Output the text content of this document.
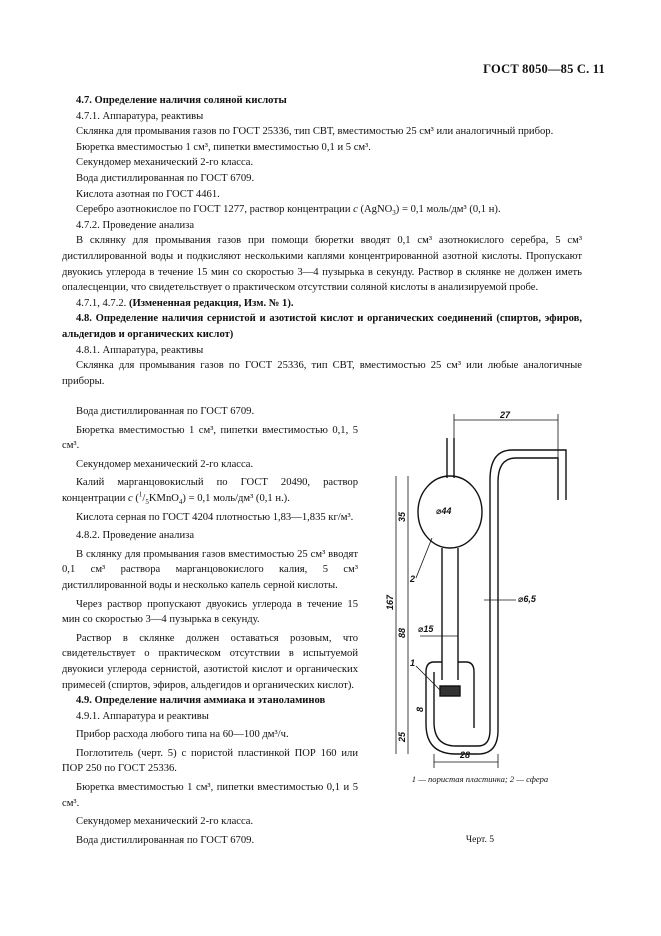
ГОСТ 8050—85 С. 11

4.7. Определение наличия соляной кислоты

4.7.1. Аппаратура, реактивы

Склянка для промывания газов по ГОСТ 25336, тип СВТ, вместимостью 25 см³ или аналогичный прибор.

Бюретка вместимостью 1 см³, пипетки вместимостью 0,1 и 5 см³.

Секундомер механический 2-го класса.

Вода дистиллированная по ГОСТ 6709.

Кислота азотная по ГОСТ 4461.

Серебро азотнокислое по ГОСТ 1277, раствор концентрации c (AgNO$_3$) = 0,1 моль/дм³ (0,1 н).

4.7.2. Проведение анализа

В склянку для промывания газов при помощи бюретки вводят 0,1 см³ азотнокислого серебра, 5 см³ дистиллированной воды и подкисляют несколькими каплями концентрированной азотной кислоты. Пропускают двуокись углерода в течение 15 мин со скоростью 3—4 пузырька в секунду. Раствор в склянке не должен иметь опалесценции, что свидетельствует о практическом отсутствии соляной кислоты в анализируемой пробе.

4.7.1, 4.7.2. (Измененная редакция, Изм. № 1).

4.8. Определение наличия сернистой и азотистой кислот и органических соединений (спиртов, эфиров, альдегидов и органических кислот)

4.8.1. Аппаратура, реактивы

Склянка для промывания газов по ГОСТ 25336, тип СВТ, вместимостью 25 см³ или любые аналогичные приборы.

Вода дистиллированная по ГОСТ 6709.

Бюретка вместимостью 1 см³, пипетки вместимостью 0,1, 5 см³.

Секундомер механический 2-го класса.

Калий марганцовокислый по ГОСТ 20490, раствор концентрации c $(^1/_5KMnO_4) = 0,1$ моль/дм³ (0,1 н.).

Кислота серная по ГОСТ 4204 плотностью 1,83—1,835 кг/м³.

4.8.2. Проведение анализа

В склянку для промывания газов вместимостью 25 см³ вводят 0,1 см³ раствора марганцовокислого калия, 5 см³ дистиллированной воды и несколько капель серной кислоты.

Через раствор пропускают двуокись углерода в течение 15 мин со скоростью 3—4 пузырька в секунду.

Раствор в склянке должен оставаться розовым, что свидетельствует о практическом отсутствии в испытуемой двуокиси углерода сернистой, азотистой кислот и органических примесей (спиртов, эфиров, альдегидов и органических кислот).

4.9. Определение наличия аммиака и этаноламинов

4.9.1. Аппаратура и реактивы

Прибор расхода любого типа на 60—100 дм³/ч.

Поглотитель (черт. 5) с пористой пластинкой ПОР 160 или ПОР 250 по ГОСТ 25336.

Бюретка вместимостью 1 см³, пипетки вместимостью 0,1 и 5 см³.

Секундомер механический 2-го класса.

Вода дистиллированная по ГОСТ 6709.

27
28
⌀44
⌀15
⌀6,5
1
2
167
35
88
8
25
1 — пористая пластинка; 2 — сфера
Черт. 5
